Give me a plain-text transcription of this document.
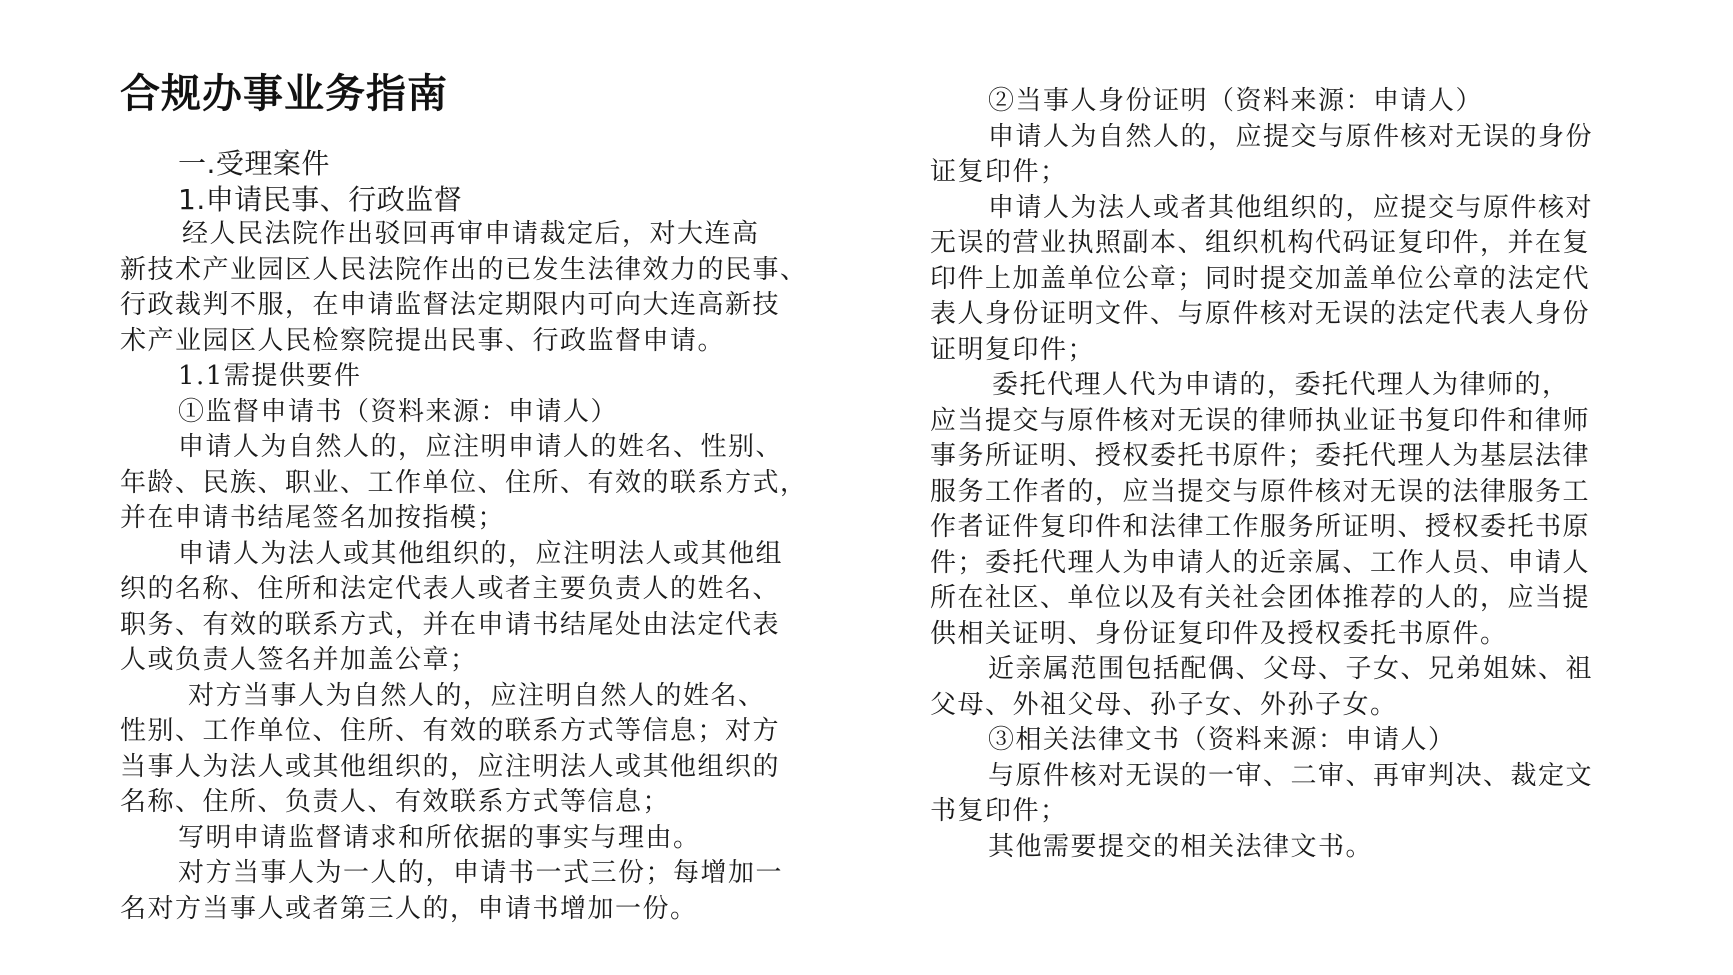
合规办事业务指南
一.受理案件
1.申请民事、行政监督
经人民法院作出驳回再审申请裁定后，对大连高
新技术产业园区人民法院作出的已发生法律效力的民事、
行政裁判不服，在申请监督法定期限内可向大连高新技
术产业园区人民检察院提出民事、行政监督申请。
1.1需提供要件
①监督申请书（资料来源：申请人）
申请人为自然人的，应注明申请人的姓名、性别、
年龄、民族、职业、工作单位、住所、有效的联系方式，
并在申请书结尾签名加按指模；
申请人为法人或其他组织的，应注明法人或其他组
织的名称、住所和法定代表人或者主要负责人的姓名、
职务、有效的联系方式，并在申请书结尾处由法定代表
人或负责人签名并加盖公章；
对方当事人为自然人的，应注明自然人的姓名、
性别、工作单位、住所、有效的联系方式等信息；对方
当事人为法人或其他组织的，应注明法人或其他组织的
名称、住所、负责人、有效联系方式等信息；
写明申请监督请求和所依据的事实与理由。
对方当事人为一人的，申请书一式三份；每增加一
名对方当事人或者第三人的，申请书增加一份。
②当事人身份证明（资料来源：申请人）
申请人为自然人的，应提交与原件核对无误的身份
证复印件；
申请人为法人或者其他组织的，应提交与原件核对
无误的营业执照副本、组织机构代码证复印件，并在复
印件上加盖单位公章；同时提交加盖单位公章的法定代
表人身份证明文件、与原件核对无误的法定代表人身份
证明复印件；
委托代理人代为申请的，委托代理人为律师的，
应当提交与原件核对无误的律师执业证书复印件和律师
事务所证明、授权委托书原件；委托代理人为基层法律
服务工作者的，应当提交与原件核对无误的法律服务工
作者证件复印件和法律工作服务所证明、授权委托书原
件；委托代理人为申请人的近亲属、工作人员、申请人
所在社区、单位以及有关社会团体推荐的人的，应当提
供相关证明、身份证复印件及授权委托书原件。
近亲属范围包括配偶、父母、子女、兄弟姐妹、祖
父母、外祖父母、孙子女、外孙子女。
③相关法律文书（资料来源：申请人）
与原件核对无误的一审、二审、再审判决、裁定文
书复印件；
其他需要提交的相关法律文书。
